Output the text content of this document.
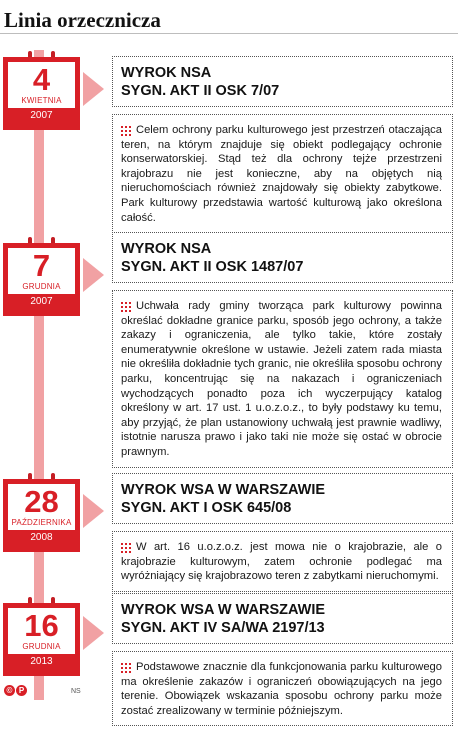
Linia orzecznicza
4
KWIETNIA
2007
WYROK NSA
SYGN. AKT II OSK 7/07

Celem ochrony parku kulturowego jest przestrzeń otaczająca teren, na którym znajduje się obiekt podlegający ochronie konserwatorskiej. Stąd też dla ochrony tejże przestrzeni krajobrazu nie jest konieczne, aby na objętych nią nieruchomościach również znajdowały się obiekty zabytkowe. Park kulturowy przedstawia wartość kulturową jako określona całość.

7
GRUDNIA
2007
WYROK NSA
SYGN. AKT II OSK 1487/07

Uchwała rady gminy tworząca park kulturowy powinna określać dokładne granice parku, sposób jego ochrony, a także zakazy i ograniczenia, ale tylko takie, które zostały enumeratywnie określone w ustawie. Jeżeli zatem rada miasta nie określiła dokładnie tych granic, nie określiła sposobu ochrony parku, koncentrując się na nakazach i ograniczeniach wychodzących ponadto poza ich wyczerpujący katalog określony w art. 17 ust. 1 u.o.z.o.z., to były podstawy ku temu, aby przyjąć, że plan ustanowiony uchwałą jest prawnie wadliwy, istotnie narusza prawo i jako taki nie może się ostać w obrocie prawnym.

28
PAŹDZIERNIKA
2008
WYROK WSA W WARSZAWIE
SYGN. AKT I OSK 645/08

W art. 16 u.o.z.o.z. jest mowa nie o krajobrazie, ale o krajobrazie kulturowym, zatem ochronie podlegać ma wyróżniający się krajobrazowo teren z zabytkami nieruchomymi.

16
GRUDNIA
2013
WYROK WSA W WARSZAWIE
SYGN. AKT IV SA/WA 2197/13

Podstawowe znacznie dla funkcjonowania parku kulturowego ma określenie zakazów i ograniczeń obowiązujących na jego terenie. Obowiązek wskazania sposobu ochrony parku może zostać zrealizowany w terminie późniejszym.

© P	NS
